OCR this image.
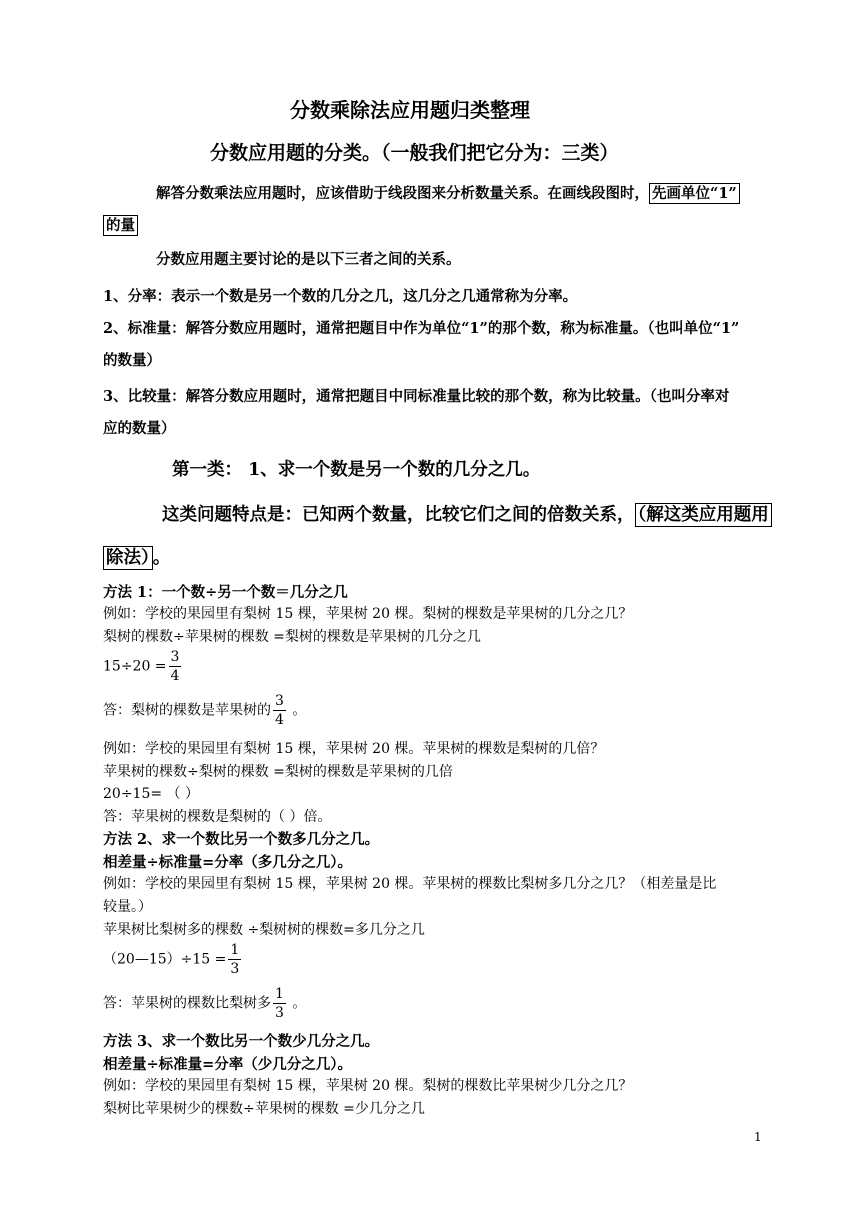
分数乘除法应用题归类整理
分数应用题的分类。（一般我们把它分为：三类）
解答分数乘法应用题时，应该借助于线段图来分析数量关系。在画线段图时， 先画单位“1”
的量
分数应用题主要讨论的是以下三者之间的关系。
1、分率：表示一个数是另一个数的几分之几，这几分之几通常称为分率。
2、标准量：解答分数应用题时，通常把题目中作为单位“1”的那个数，称为标准量。（也叫单位“1”
的数量）
3、比较量：解答分数应用题时，通常把题目中同标准量比较的那个数，称为比较量。（也叫分率对
应的数量）
第一类： 1、求一个数是另一个数的几分之几。
这类问题特点是：已知两个数量，比较它们之间的倍数关系， （解这类应用题用
除法） 。
方法 1：一个数÷另一个数＝几分之几
例如：学校的果园里有梨树 15 棵，苹果树 20 棵。梨树的棵数是苹果树的几分之几？
梨树的棵数÷苹果树的棵数 =梨树的棵数是苹果树的几分之几
$15\div 20 = \frac{3}{4}$
答：梨树的棵数是苹果树的 $\frac{3}{4}$ 。
例如：学校的果园里有梨树 15 棵，苹果树 20 棵。苹果树的棵数是梨树的几倍？
苹果树的棵数÷梨树的棵数 =梨树的棵数是苹果树的几倍
20÷15= （ ）
答：苹果树的棵数是梨树的（ ）倍。
方法 2、求一个数比另一个数多几分之几。
相差量÷标准量=分率（多几分之几）。
例如：学校的果园里有梨树 15 棵，苹果树 20 棵。苹果树的棵数比梨树多几分之几？（相差量是比
较量。）
苹果树比梨树多的棵数 ÷梨树树的棵数=多几分之几
（20—15）÷15 = $\frac{1}{3}$
答：苹果树的棵数比梨树多 $\frac{1}{3}$ 。
方法 3、求一个数比另一个数少几分之几。
相差量÷标准量=分率（少几分之几）。
例如：学校的果园里有梨树 15 棵，苹果树 20 棵。梨树的棵数比苹果树少几分之几？
梨树比苹果树少的棵数÷苹果树的棵数 =少几分之几
1
